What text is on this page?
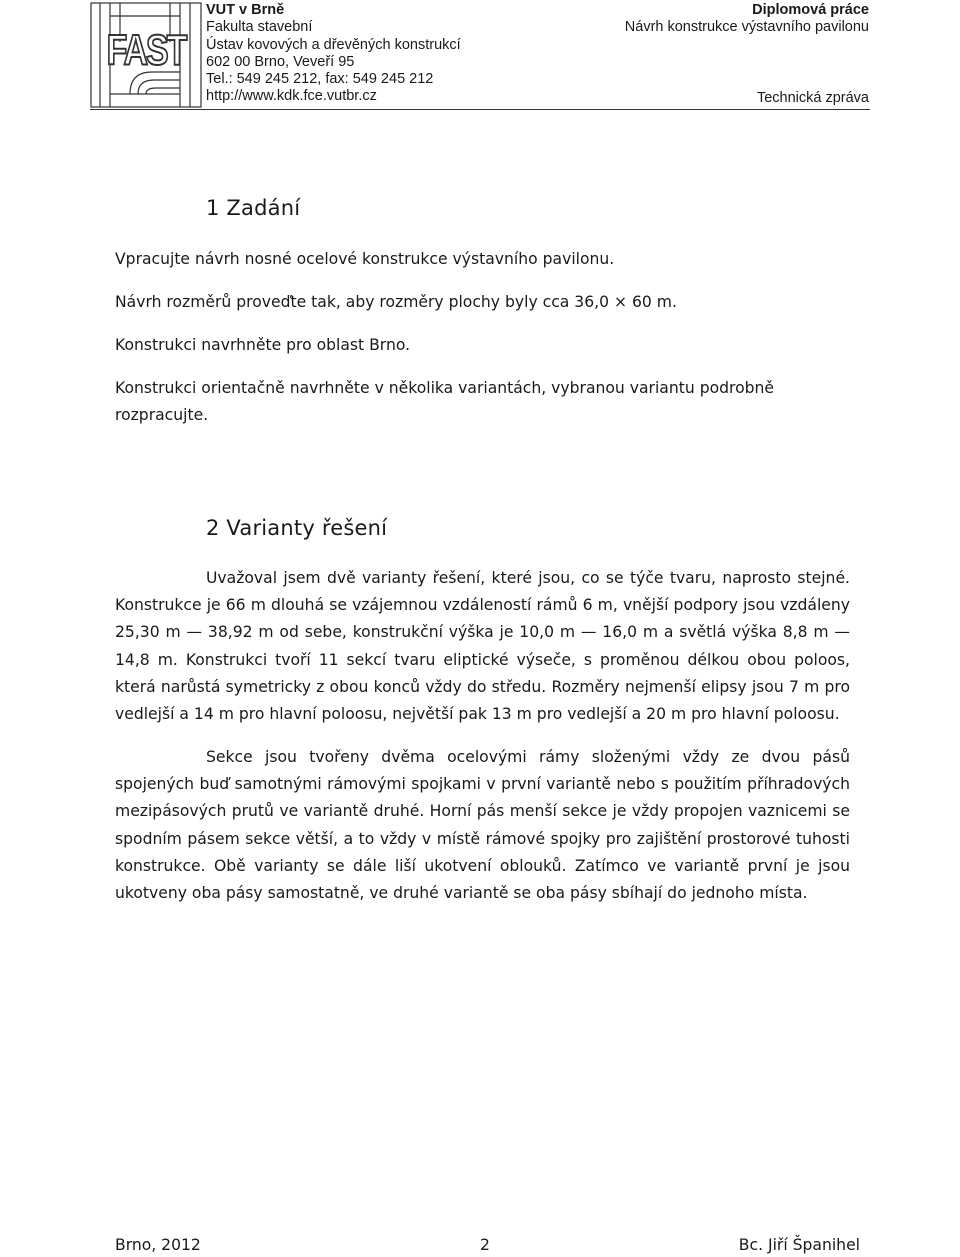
FAST
VUT v Brně
Fakulta stavební
Ústav kovových a dřevěných konstrukcí
602 00 Brno, Veveří 95
Tel.: 549 245 212, fax: 549 245 212
http://www.kdk.fce.vutbr.cz
Diplomová práce
Návrh konstrukce výstavního pavilonu
Technická zpráva
1 Zadání

Vpracujte návrh nosné ocelové konstrukce výstavního pavilonu.

Návrh rozměrů proveďte tak, aby rozměry plochy byly cca 36,0 × 60 m.

Konstrukci navrhněte pro oblast Brno.

Konstrukci orientačně navrhněte v několika variantách, vybranou variantu podrobně rozpracujte.

2 Varianty řešení

Uvažoval jsem dvě varianty řešení, které jsou, co se týče tvaru, naprosto stejné. Konstrukce je 66 m dlouhá se vzájemnou vzdáleností rámů 6 m, vnější podpory jsou vzdáleny 25,30 m — 38,92 m od sebe, konstrukční výška je 10,0 m — 16,0 m a světlá výška 8,8 m — 14,8 m. Konstrukci tvoří 11 sekcí tvaru eliptické výseče, s proměnou délkou obou poloos, která narůstá symetricky z obou konců vždy do středu. Rozměry nejmenší elipsy jsou 7 m pro vedlejší a 14 m pro hlavní poloosu, největší pak 13 m pro vedlejší a 20 m pro hlavní poloosu.

Sekce jsou tvořeny dvěma ocelovými rámy složenými vždy ze dvou pásů spojených buď samotnými rámovými spojkami v první variantě nebo s použitím příhradových mezipásových prutů ve variantě druhé. Horní pás menší sekce je vždy propojen vaznicemi se spodním pásem sekce větší, a to vždy v místě rámové spojky pro zajištění prostorové tuhosti konstrukce. Obě varianty se dále liší ukotvení oblouků. Zatímco ve variantě první je jsou ukotveny oba pásy samostatně, ve druhé variantě se oba pásy sbíhají do jednoho místa.

Brno, 2012	2	Bc. Jiří Španihel
